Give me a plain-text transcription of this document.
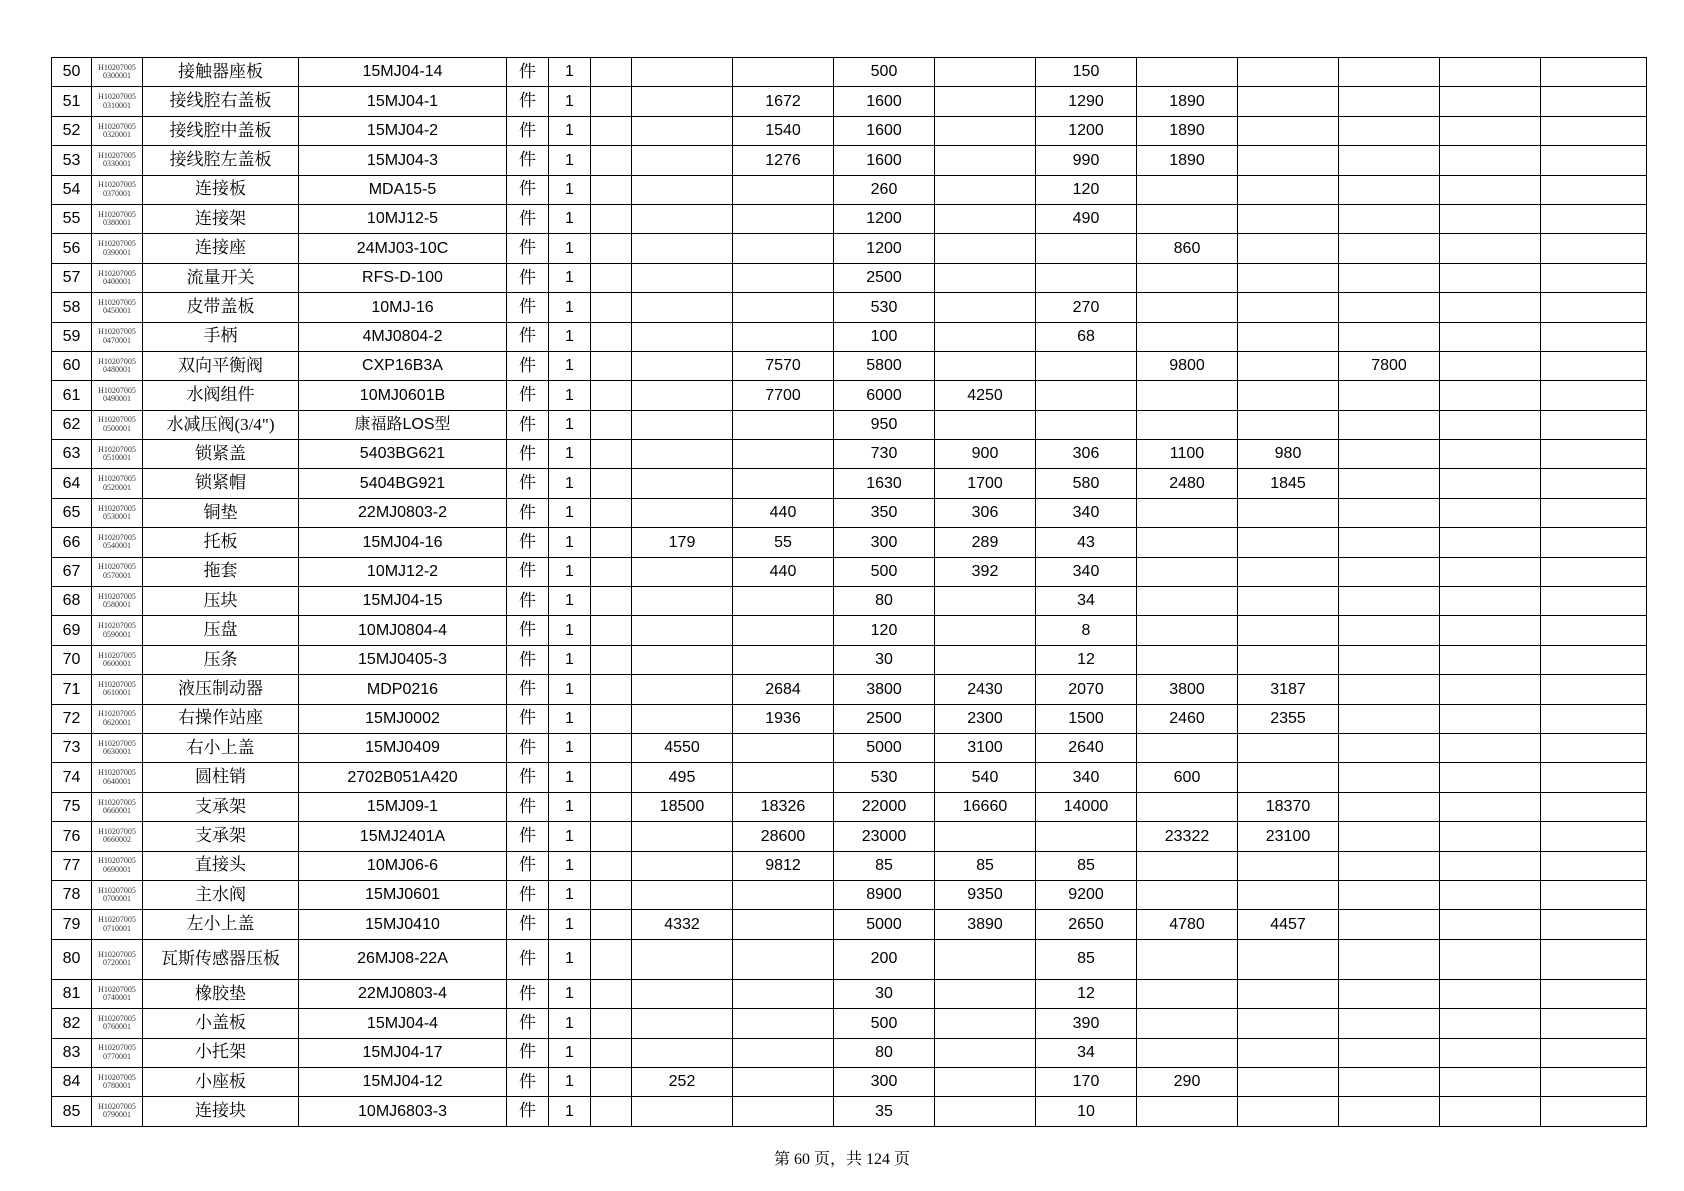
50	H10207005 0300001	接触器座板	15MJ04-14	件	1				500		150					
51	H10207005 0310001	接线腔右盖板	15MJ04-1	件	1			1672	1600		1290	1890				
52	H10207005 0320001	接线腔中盖板	15MJ04-2	件	1			1540	1600		1200	1890				
53	H10207005 0330001	接线腔左盖板	15MJ04-3	件	1			1276	1600		990	1890				
54	H10207005 0370001	连接板	MDA15-5	件	1				260		120					
55	H10207005 0380001	连接架	10MJ12-5	件	1				1200		490					
56	H10207005 0390001	连接座	24MJ03-10C	件	1				1200			860				
57	H10207005 0400001	流量开关	RFS-D-100	件	1				2500							
58	H10207005 0450001	皮带盖板	10MJ-16	件	1				530		270					
59	H10207005 0470001	手柄	4MJ0804-2	件	1				100		68					
60	H10207005 0480001	双向平衡阀	CXP16B3A	件	1			7570	5800			9800		7800		
61	H10207005 0490001	水阀组件	10MJ0601B	件	1			7700	6000	4250						
62	H10207005 0500001	水减压阀(3/4")	康福路LOS型	件	1				950							
63	H10207005 0510001	锁紧盖	5403BG621	件	1				730	900	306	1100	980			
64	H10207005 0520001	锁紧帽	5404BG921	件	1				1630	1700	580	2480	1845			
65	H10207005 0530001	铜垫	22MJ0803-2	件	1			440	350	306	340					
66	H10207005 0540001	托板	15MJ04-16	件	1		179	55	300	289	43					
67	H10207005 0570001	拖套	10MJ12-2	件	1			440	500	392	340					
68	H10207005 0580001	压块	15MJ04-15	件	1				80		34					
69	H10207005 0590001	压盘	10MJ0804-4	件	1				120		8					
70	H10207005 0600001	压条	15MJ0405-3	件	1				30		12					
71	H10207005 0610001	液压制动器	MDP0216	件	1			2684	3800	2430	2070	3800	3187			
72	H10207005 0620001	右操作站座	15MJ0002	件	1			1936	2500	2300	1500	2460	2355			
73	H10207005 0630001	右小上盖	15MJ0409	件	1		4550		5000	3100	2640					
74	H10207005 0640001	圆柱销	2702B051A420	件	1		495		530	540	340	600				
75	H10207005 0660001	支承架	15MJ09-1	件	1		18500	18326	22000	16660	14000		18370			
76	H10207005 0660002	支承架	15MJ2401A	件	1			28600	23000			23322	23100			
77	H10207005 0690001	直接头	10MJ06-6	件	1			9812	85	85	85					
78	H10207005 0700001	主水阀	15MJ0601	件	1				8900	9350	9200					
79	H10207005 0710001	左小上盖	15MJ0410	件	1		4332		5000	3890	2650	4780	4457			
80	H10207005 0720001	瓦斯传感器压板	26MJ08-22A	件	1				200		85					
81	H10207005 0740001	橡胶垫	22MJ0803-4	件	1				30		12					
82	H10207005 0760001	小盖板	15MJ04-4	件	1				500		390					
83	H10207005 0770001	小托架	15MJ04-17	件	1				80		34					
84	H10207005 0780001	小座板	15MJ04-12	件	1		252		300		170	290				
85	H10207005 0790001	连接块	10MJ6803-3	件	1				35		10					
第 60 页，共 124 页
